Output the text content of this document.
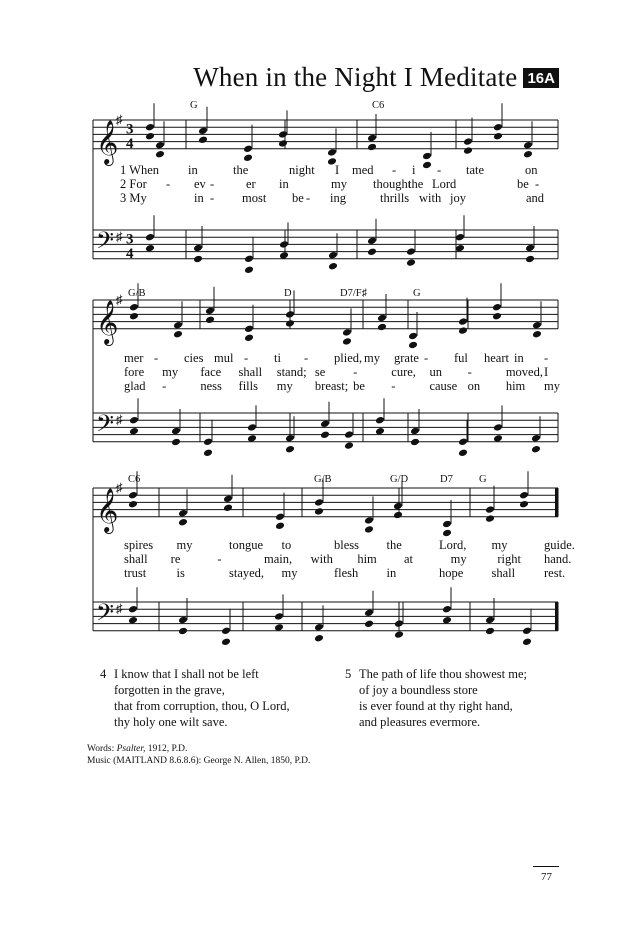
When in the Night I Meditate 16A
𝄞
♯
3
4
𝄢 ♯ 3
4
G	C6
1 When in	the	night I med - i - tate	on
2 For - ev -	er in	my thought
the Lord	be -
3 My	in - most be - ing	thrills with joy	and
𝄞
♯
𝄢 ♯
G/B	D	D7/F♯	G
mer - cies mul - ti - plied, my grate - ful heart in -
fore my face shall stand; se -	cure, un -	moved, I
glad -	ness fills my breast; be -	cause on him my
𝄞
♯
𝄢 ♯
C6	G/B	G/D	D7 G
spires my	tongue to	bless the	Lord, my	guide.
shall re	-	main, with him at	my right hand.
trust is	stayed, my	flesh in	hope shall rest.
4 I know that I shall not be left
forgotten in the grave,
that from corruption, thou, O Lord,
thy holy one wilt save.
5 The path of life thou showest me;
of joy a boundless store
is ever found at thy right hand,
and pleasures evermore.
Words: Psalter, 1912, P.D.
Music (MAITLAND 8.6.8.6): George N. Allen, 1850, P.D.
77
